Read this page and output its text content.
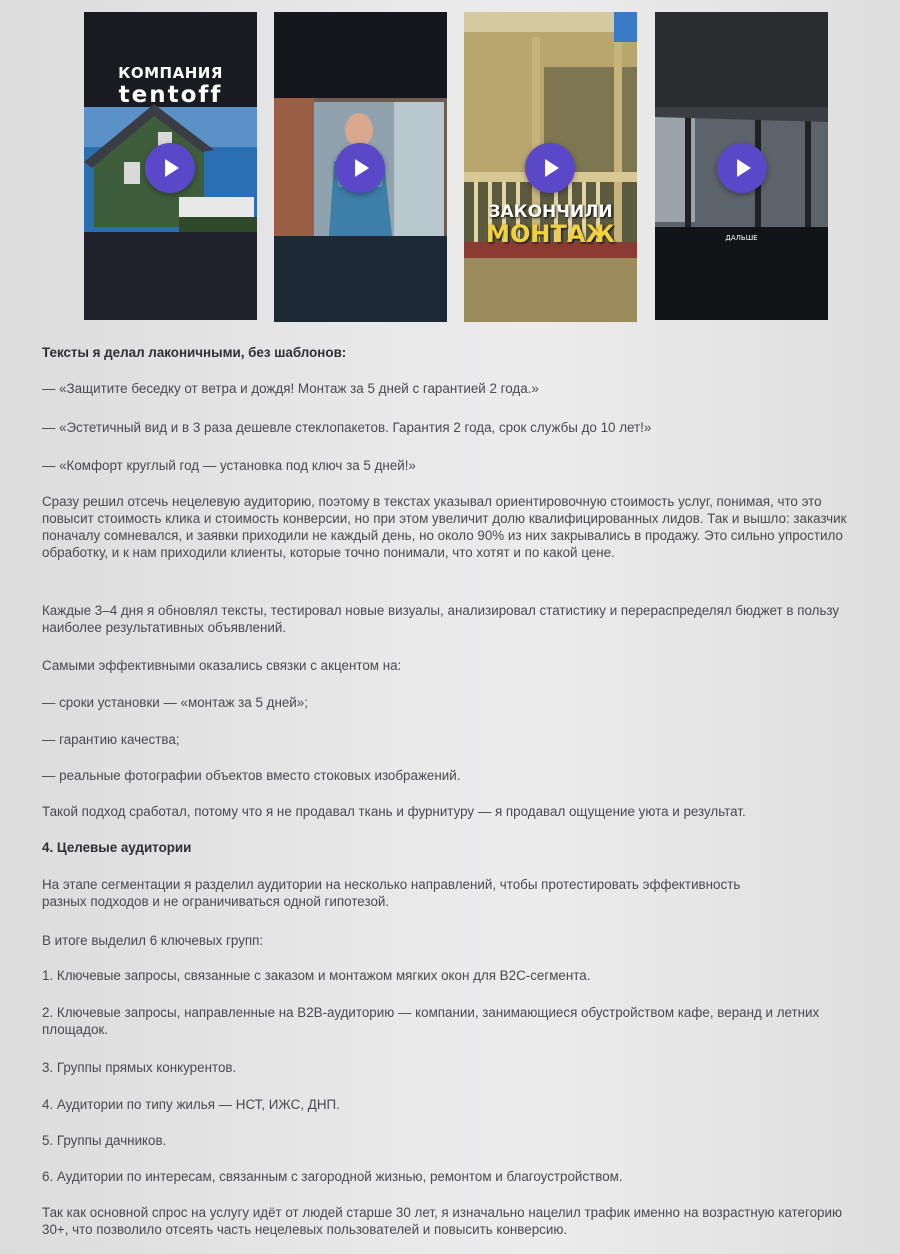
КОМПАНИЯ
tentoff
ЗАКОНЧИЛИ
МОНТАЖ	ДАЛЬШЕ

Тексты я делал лаконичными, без шаблонов:

— «Защитите беседку от ветра и дождя! Монтаж за 5 дней с гарантией 2 года.»

— «Эстетичный вид и в 3 раза дешевле стеклопакетов. Гарантия 2 года, срок службы до 10 лет!»

— «Комфорт круглый год — установка под ключ за 5 дней!»

Сразу решил отсечь нецелевую аудиторию, поэтому в текстах указывал ориентировочную стоимость услуг, понимая, что это повысит стоимость клика и стоимость конверсии, но при этом увеличит долю квалифицированных лидов. Так и вышло: заказчик поначалу сомневался, и заявки приходили не каждый день, но около 90% из них закрывались в продажу. Это сильно упростило обработку, и к нам приходили клиенты, которые точно понимали, что хотят и по какой цене.

Каждые 3–4 дня я обновлял тексты, тестировал новые визуалы, анализировал статистику и перераспределял бюджет в пользу наиболее результативных объявлений.

Самыми эффективными оказались связки с акцентом на:

— сроки установки — «монтаж за 5 дней»;

— гарантию качества;

— реальные фотографии объектов вместо стоковых изображений.

Такой подход сработал, потому что я не продавал ткань и фурнитуру — я продавал ощущение уюта и результат.

4. Целевые аудитории

На этапе сегментации я разделил аудитории на несколько направлений, чтобы протестировать эффективность разных подходов и не ограничиваться одной гипотезой.

В итоге выделил 6 ключевых групп:

1. Ключевые запросы, связанные с заказом и монтажом мягких окон для B2C-сегмента.

2. Ключевые запросы, направленные на B2B-аудиторию — компании, занимающиеся обустройством кафе, веранд и летних площадок.

3. Группы прямых конкурентов.

4. Аудитории по типу жилья — НСТ, ИЖС, ДНП.

5. Группы дачников.

6. Аудитории по интересам, связанным с загородной жизнью, ремонтом и благоустройством.

Так как основной спрос на услугу идёт от людей старше 30 лет, я изначально нацелил трафик именно на возрастную категорию 30+, что позволило отсеять часть нецелевых пользователей и повысить конверсию.
